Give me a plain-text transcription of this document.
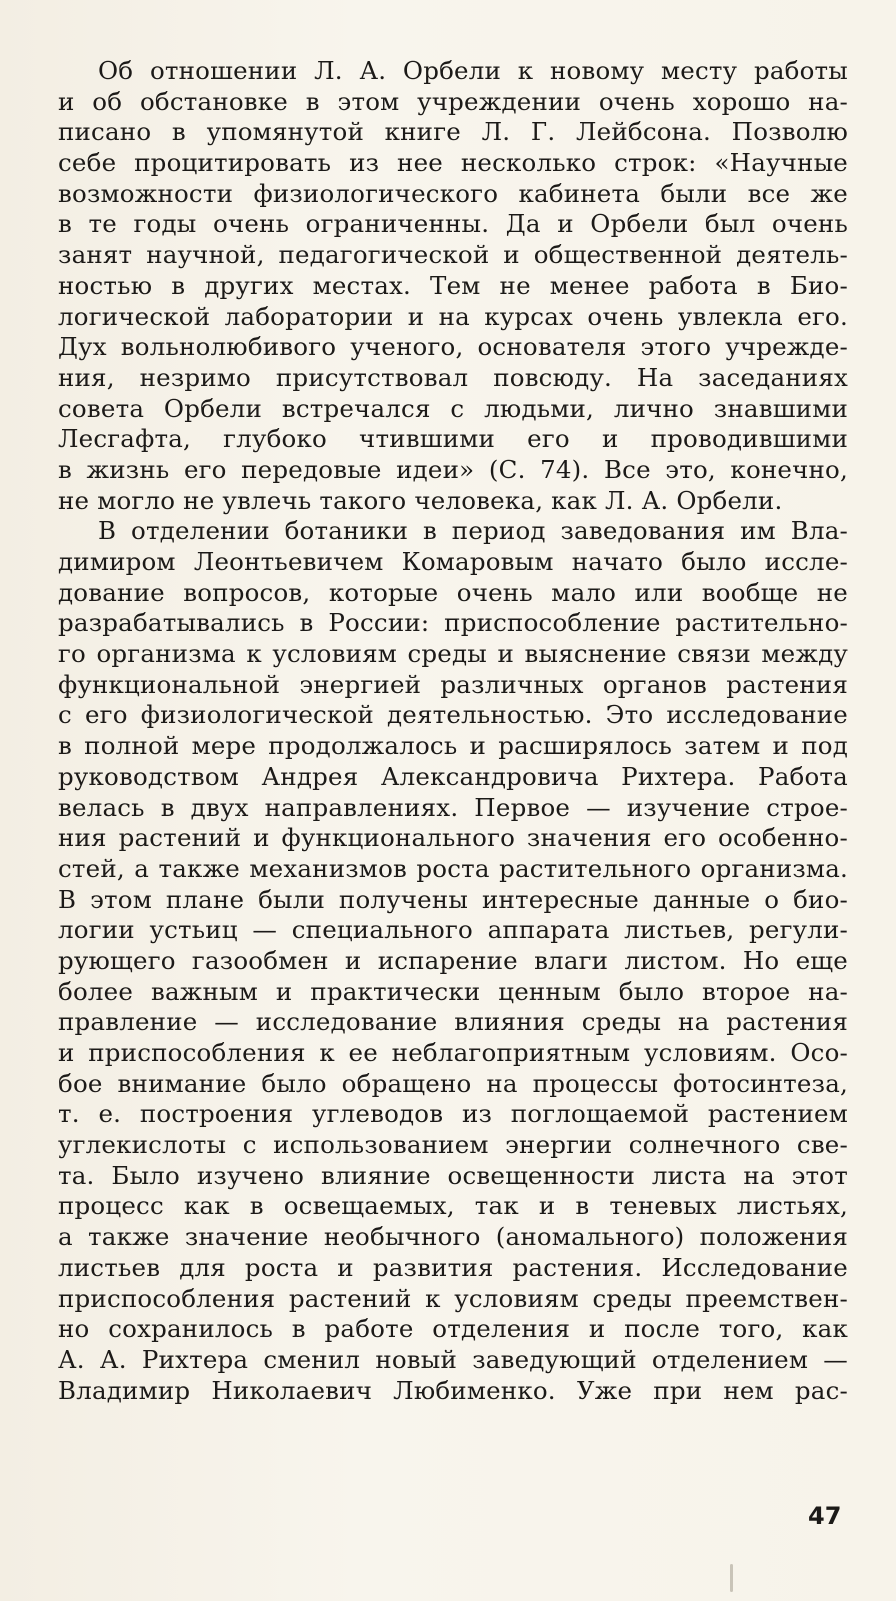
Об отношении Л. А. Орбели к новому месту работы
и об обстановке в этом учреждении очень хорошо на-
писано в упомянутой книге Л. Г. Лейбсона. Позволю
себе процитировать из нее несколько строк: «Научные
возможности физиологического кабинета были все же
в те годы очень ограниченны. Да и Орбели был очень
занят научной, педагогической и общественной деятель-
ностью в других местах. Тем не менее работа в Био-
логической лаборатории и на курсах очень увлекла его.
Дух вольнолюбивого ученого, основателя этого учрежде-
ния, незримо присутствовал повсюду. На заседаниях
совета Орбели встречался с людьми, лично знавшими
Лесгафта, глубоко чтившими его и проводившими
в жизнь его передовые идеи» (С. 74). Все это, конечно,
не могло не увлечь такого человека, как Л. А. Орбели.
В отделении ботаники в период заведования им Вла-
димиром Леонтьевичем Комаровым начато было иссле-
дование вопросов, которые очень мало или вообще не
разрабатывались в России: приспособление растительно-
го организма к условиям среды и выяснение связи между
функциональной энергией различных органов растения
с его физиологической деятельностью. Это исследование
в полной мере продолжалось и расширялось затем и под
руководством Андрея Александровича Рихтера. Работа
велась в двух направлениях. Первое — изучение строе-
ния растений и функционального значения его особенно-
стей, а также механизмов роста растительного организма.
В этом плане были получены интересные данные о био-
логии устьиц — специального аппарата листьев, регули-
рующего газообмен и испарение влаги листом. Но еще
более важным и практически ценным было второе на-
правление — исследование влияния среды на растения
и приспособления к ее неблагоприятным условиям. Осо-
бое внимание было обращено на процессы фотосинтеза,
т. е. построения углеводов из поглощаемой растением
углекислоты с использованием энергии солнечного све-
та. Было изучено влияние освещенности листа на этот
процесс как в освещаемых, так и в теневых листьях,
а также значение необычного (аномального) положения
листьев для роста и развития растения. Исследование
приспособления растений к условиям среды преемствен-
но сохранилось в работе отделения и после того, как
А. А. Рихтера сменил новый заведующий отделением —
Владимир Николаевич Любименко. Уже при нем рас-
47
